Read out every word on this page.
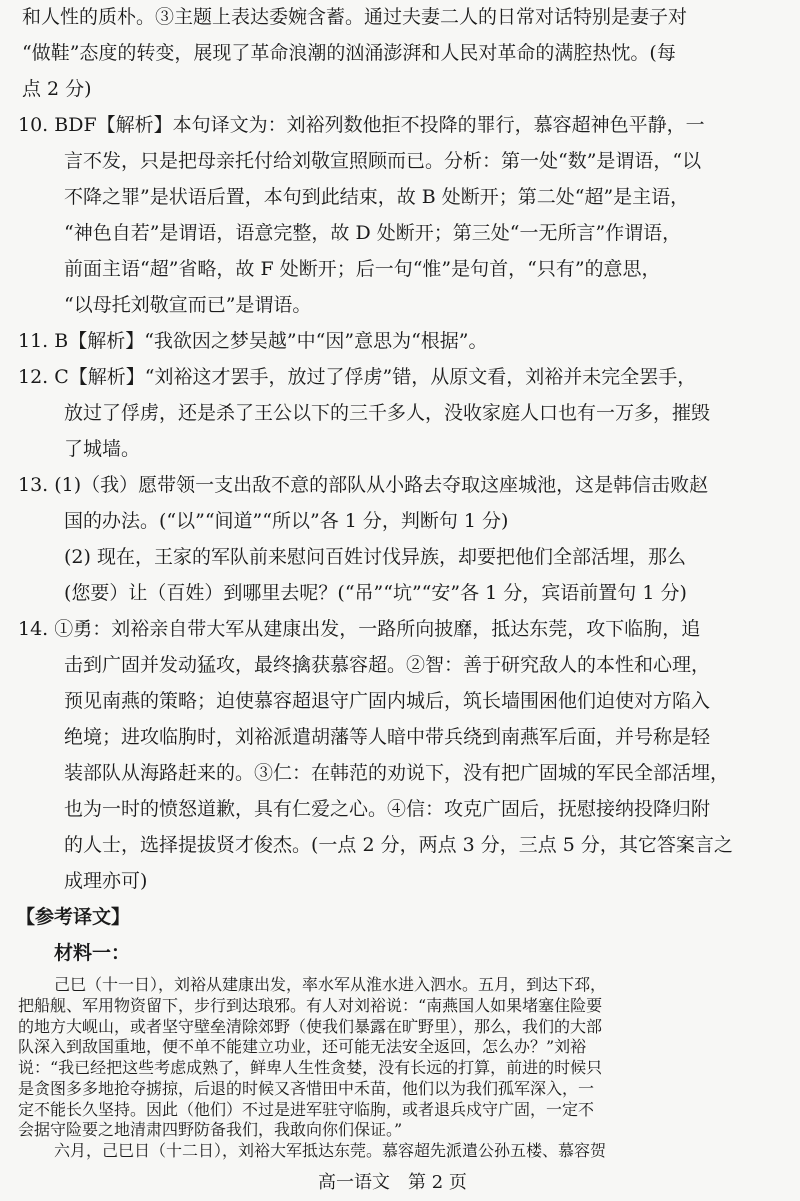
和人性的质朴。③主题上表达委婉含蓄。通过夫妻二人的日常对话特别是妻子对

“做鞋”态度的转变，展现了革命浪潮的汹涌澎湃和人民对革命的满腔热忱。(每

点 2 分)

10. BDF【解析】本句译文为：刘裕列数他拒不投降的罪行，慕容超神色平静，一

言不发，只是把母亲托付给刘敬宣照顾而已。分析：第一处“数”是谓语，“以

不降之罪”是状语后置，本句到此结束，故 B 处断开；第二处“超”是主语，

“神色自若”是谓语，语意完整，故 D 处断开；第三处“一无所言”作谓语，

前面主语“超”省略，故 F 处断开；后一句“惟”是句首，“只有”的意思，

“以母托刘敬宣而已”是谓语。

11. B【解析】“我欲因之梦吴越”中“因”意思为“根据”。

12. C【解析】“刘裕这才罢手，放过了俘虏”错，从原文看，刘裕并未完全罢手，

放过了俘虏，还是杀了王公以下的三千多人，没收家庭人口也有一万多，摧毁

了城墙。

13. (1)（我）愿带领一支出敌不意的部队从小路去夺取这座城池，这是韩信击败赵

国的办法。(“以”“间道”“所以”各 1 分，判断句 1 分)

(2) 现在，王家的军队前来慰问百姓讨伐异族，却要把他们全部活埋，那么

(您要）让（百姓）到哪里去呢？(“吊”“坑”“安”各 1 分，宾语前置句 1 分)

14. ①勇：刘裕亲自带大军从建康出发，一路所向披靡，抵达东莞，攻下临朐，追

击到广固并发动猛攻，最终擒获慕容超。②智：善于研究敌人的本性和心理，

预见南燕的策略；迫使慕容超退守广固内城后，筑长墙围困他们迫使对方陷入

绝境；进攻临朐时，刘裕派遣胡藩等人暗中带兵绕到南燕军后面，并号称是轻

装部队从海路赶来的。③仁：在韩范的劝说下，没有把广固城的军民全部活埋，

也为一时的愤怒道歉，具有仁爱之心。④信：攻克广固后，抚慰接纳投降归附

的人士，选择提拔贤才俊杰。(一点 2 分，两点 3 分，三点 5 分，其它答案言之

成理亦可)

【参考译文】

材料一：

己巳（十一日），刘裕从建康出发，率水军从淮水进入泗水。五月，到达下邳，

把船舰、军用物资留下，步行到达琅邪。有人对刘裕说：“南燕国人如果堵塞住险要

的地方大岘山，或者坚守壁垒清除郊野（使我们暴露在旷野里），那么，我们的大部

队深入到敌国重地，便不单不能建立功业，还可能无法安全返回，怎么办？”刘裕

说：“我已经把这些考虑成熟了，鲜卑人生性贪婪，没有长远的打算，前进的时候只

是贪图多多地抢夺掳掠，后退的时候又吝惜田中禾苗，他们以为我们孤军深入，一

定不能长久坚持。因此（他们）不过是进军驻守临朐，或者退兵戍守广固，一定不

会据守险要之地清肃四野防备我们，我敢向你们保证。”

六月，己巳日（十二日），刘裕大军抵达东莞。慕容超先派遣公孙五楼、慕容贺

高一语文　第 2 页
